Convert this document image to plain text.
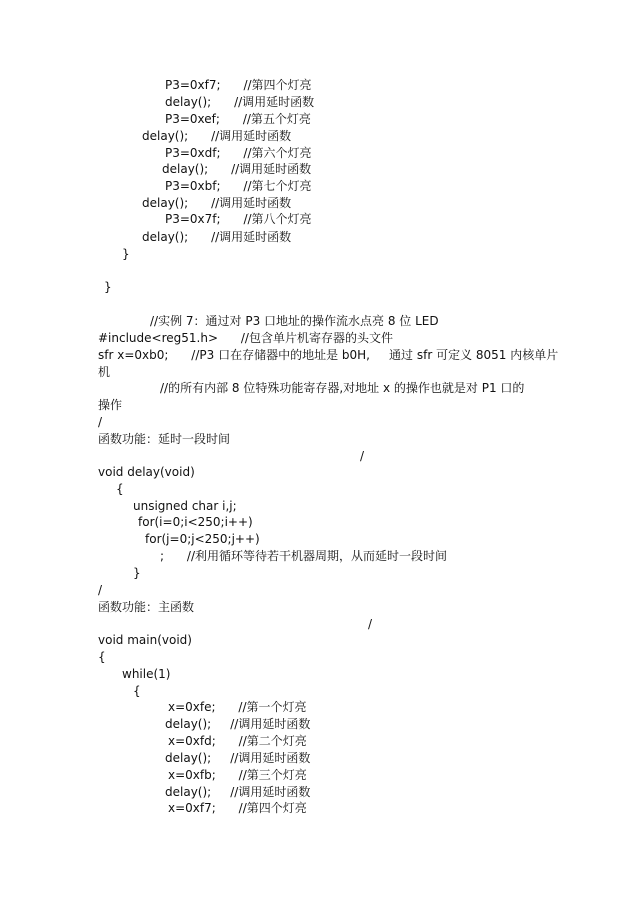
P3=0xf7;      //第四个灯亮
delay();      //调用延时函数
P3=0xef;      //第五个灯亮
delay();      //调用延时函数
P3=0xdf;      //第六个灯亮
delay();      //调用延时函数
P3=0xbf;      //第七个灯亮
delay();      //调用延时函数
P3=0x7f;      //第八个灯亮
delay();      //调用延时函数
}
}
//实例 7：通过对 P3 口地址的操作流水点亮 8 位 LED
#include<reg51.h>      //包含单片机寄存器的头文件
sfr x=0xb0;      //P3 口在存储器中的地址是 b0H,     通过 sfr 可定义 8051 内核单片
机
//的所有内部 8 位特殊功能寄存器,对地址 x 的操作也就是对 P1 口的
操作
/
函数功能：延时一段时间
/
void delay(void)
{
unsigned char i,j;
for(i=0;i<250;i++)
for(j=0;j<250;j++)
;      //利用循环等待若干机器周期，从而延时一段时间
}
/
函数功能：主函数
/
void main(void)
{
while(1)
{
x=0xfe;      //第一个灯亮
delay();     //调用延时函数
x=0xfd;      //第二个灯亮
delay();     //调用延时函数
x=0xfb;      //第三个灯亮
delay();     //调用延时函数
x=0xf7;      //第四个灯亮
